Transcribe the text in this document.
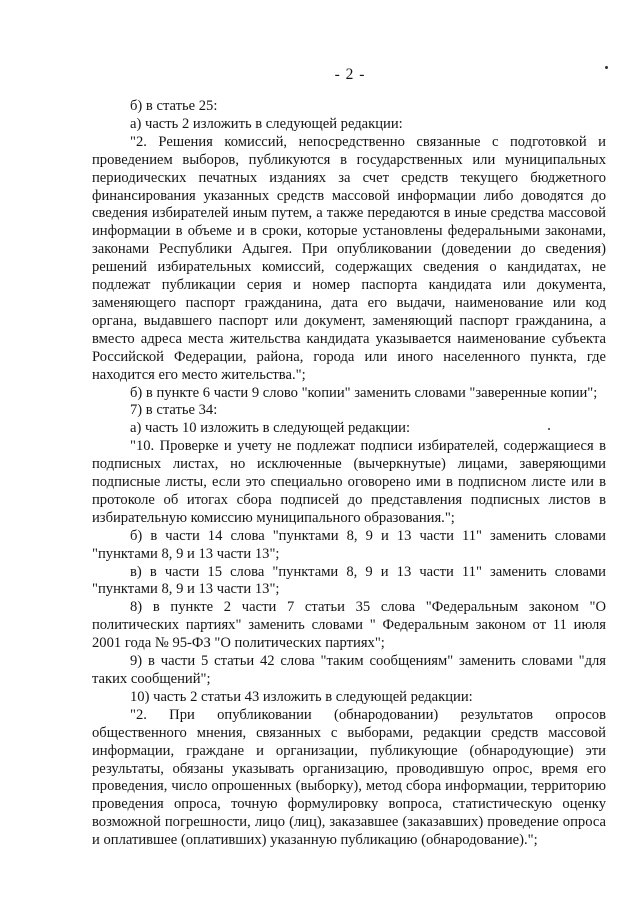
- 2 -

б) в статье 25:

а) часть 2 изложить в следующей редакции:

"2. Решения комиссий, непосредственно связанные с подготовкой и проведением выборов, публикуются в государственных или муниципальных периодических печатных изданиях за счет средств текущего бюджетного финансирования указанных средств массовой информации либо доводятся до сведения избирателей иным путем, а также передаются в иные средства массовой информации в объеме и в сроки, которые установлены федеральными законами, законами Республики Адыгея. При опубликовании (доведении до сведения) решений избирательных комиссий, содержащих сведения о кандидатах, не подлежат публикации серия и номер паспорта кандидата или документа, заменяющего паспорт гражданина, дата его выдачи, наименование или код органа, выдавшего паспорт или документ, заменяющий паспорт гражданина, а вместо адреса места жительства кандидата указывается наименование субъекта Российской Федерации, района, города или иного населенного пункта, где находится его место жительства.";

б) в пункте 6 части 9 слово "копии" заменить словами "заверенные копии";

7) в статье 34:

а) часть 10 изложить в следующей редакции:

"10. Проверке и учету не подлежат подписи избирателей, содержащиеся в подписных листах, но исключенные (вычеркнутые) лицами, заверяющими подписные листы, если это специально оговорено ими в подписном листе или в протоколе об итогах сбора подписей до представления подписных листов в избирательную комиссию муниципального образования.";

б) в части 14 слова "пунктами 8, 9 и 13 части 11" заменить словами "пунктами 8, 9 и 13 части 13";

в) в части 15 слова "пунктами 8, 9 и 13 части 11" заменить словами "пунктами 8, 9 и 13 части 13";

8) в пункте 2 части 7 статьи 35 слова "Федеральным законом "О политических партиях" заменить словами " Федеральным законом от 11 июля 2001 года № 95-ФЗ "О политических партиях";

9) в части 5 статьи 42 слова "таким сообщениям" заменить словами "для таких сообщений";

10) часть 2 статьи 43 изложить в следующей редакции:

"2. При опубликовании (обнародовании) результатов опросов общественного мнения, связанных с выборами, редакции средств массовой информации, граждане и организации, публикующие (обнародующие) эти результаты, обязаны указывать организацию, проводившую опрос, время его проведения, число опрошенных (выборку), метод сбора информации, территорию проведения опроса, точную формулировку вопроса, статистическую оценку возможной погрешности, лицо (лиц), заказавшее (заказавших) проведение опроса и оплатившее (оплативших) указанную публикацию (обнародование).";
